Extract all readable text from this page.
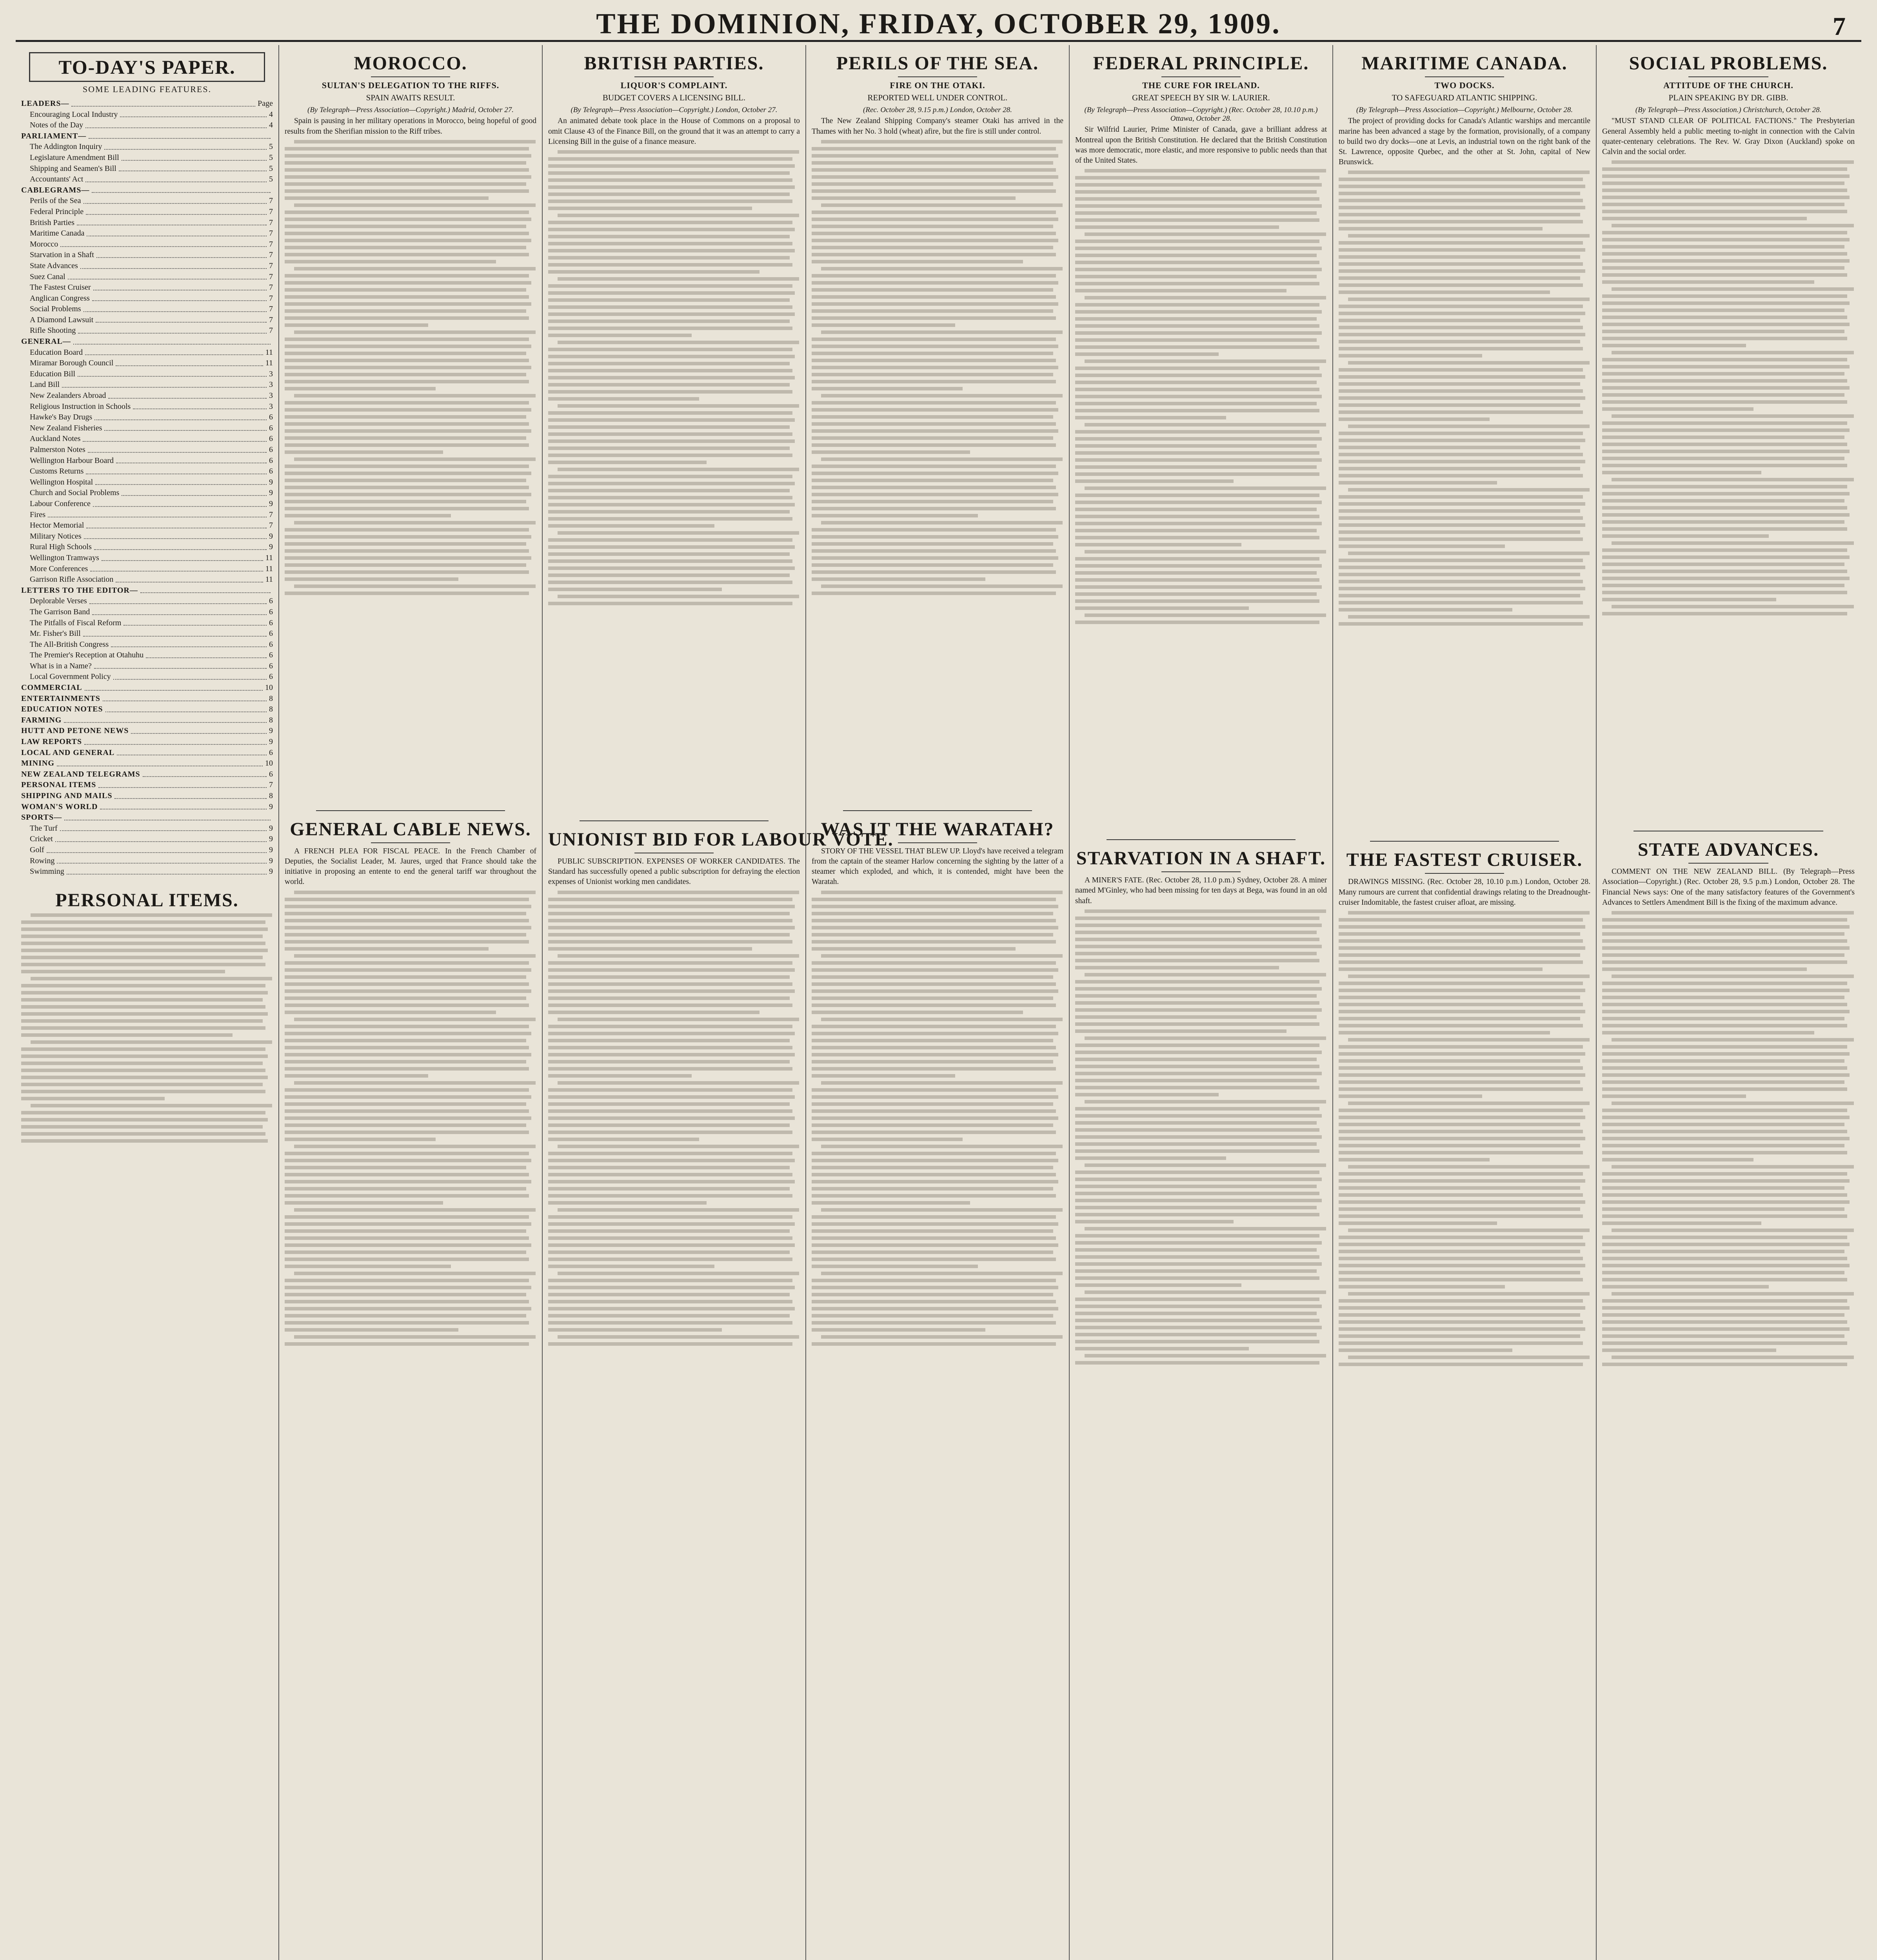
THE DOMINION, FRIDAY, OCTOBER 29, 1909.	7
TO-DAY'S PAPER.
SOME LEADING FEATURES.
LEADERS—	Page
Encouraging Local Industry	4
Notes of the Day	4
PARLIAMENT—
The Addington Inquiry	5
Legislature Amendment Bill	5
Shipping and Seamen's Bill	5
Accountants' Act	5
CABLEGRAMS—
Perils of the Sea	7
Federal Principle	7
British Parties	7
Maritime Canada	7
Morocco	7
Starvation in a Shaft	7
State Advances	7
Suez Canal	7
The Fastest Cruiser	7
Anglican Congress	7
Social Problems	7
A Diamond Lawsuit	7
Rifle Shooting	7
GENERAL—
Education Board	11
Miramar Borough Council	11
Education Bill	3
Land Bill	3
New Zealanders Abroad	3
Religious Instruction in Schools	3
Hawke's Bay Drugs	6
New Zealand Fisheries	6
Auckland Notes	6
Palmerston Notes	6
Wellington Harbour Board	6
Customs Returns	6
Wellington Hospital	9
Church and Social Problems	9
Labour Conference	9
Fires	7
Hector Memorial	7
Military Notices	9
Rural High Schools	9
Wellington Tramways	11
More Conferences	11
Garrison Rifle Association	11
LETTERS TO THE EDITOR—
Deplorable Verses	6
The Garrison Band	6
The Pitfalls of Fiscal Reform	6
Mr. Fisher's Bill	6
The All-British Congress	6
The Premier's Reception at Otahuhu	6
What is in a Name?	6
Local Government Policy	6
COMMERCIAL	10
ENTERTAINMENTS	8
EDUCATION NOTES	8
FARMING	8
HUTT AND PETONE NEWS	9
LAW REPORTS	9
LOCAL AND GENERAL	6
MINING	10
NEW ZEALAND TELEGRAMS	6
PERSONAL ITEMS	7
SHIPPING AND MAILS	8
WOMAN'S WORLD	9
SPORTS—
The Turf	9
Cricket	9
Golf	9
Rowing	9
Swimming	9
PERSONAL ITEMS.
MOROCCO.
SULTAN'S DELEGATION TO THE RIFFS.
SPAIN AWAITS RESULT.
(By Telegraph—Press Association—Copyright.) Madrid, October 27.
Spain is pausing in her military operations in Morocco, being hopeful of good results from the Sherifian mission to the Riff tribes.
GENERAL CABLE NEWS.
A FRENCH PLEA FOR FISCAL PEACE. In the French Chamber of Deputies, the Socialist Leader, M. Jaures, urged that France should take the initiative in proposing an entente to end the general tariff war throughout the world.
BRITISH PARTIES.
LIQUOR'S COMPLAINT.
BUDGET COVERS A LICENSING BILL.
(By Telegraph—Press Association—Copyright.) London, October 27.
An animated debate took place in the House of Commons on a proposal to omit Clause 43 of the Finance Bill, on the ground that it was an attempt to carry a Licensing Bill in the guise of a finance measure.
UNIONIST BID FOR LABOUR VOTE.
PUBLIC SUBSCRIPTION. EXPENSES OF WORKER CANDIDATES. The Standard has successfully opened a public subscription for defraying the election expenses of Unionist working men candidates.
PERILS OF THE SEA.
FIRE ON THE OTAKI.
REPORTED WELL UNDER CONTROL.
(Rec. October 28, 9.15 p.m.) London, October 28.
The New Zealand Shipping Company's steamer Otaki has arrived in the Thames with her No. 3 hold (wheat) afire, but the fire is still under control.
WAS IT THE WARATAH?
STORY OF THE VESSEL THAT BLEW UP. Lloyd's have received a telegram from the captain of the steamer Harlow concerning the sighting by the latter of a steamer which exploded, and which, it is contended, might have been the Waratah.
FEDERAL PRINCIPLE.
THE CURE FOR IRELAND.
GREAT SPEECH BY SIR W. LAURIER.
(By Telegraph—Press Association—Copyright.) (Rec. October 28, 10.10 p.m.) Ottawa, October 28.
Sir Wilfrid Laurier, Prime Minister of Canada, gave a brilliant address at Montreal upon the British Constitution. He declared that the British Constitution was more democratic, more elastic, and more responsive to public needs than that of the United States.
STARVATION IN A SHAFT.
A MINER'S FATE. (Rec. October 28, 11.0 p.m.) Sydney, October 28. A miner named M'Ginley, who had been missing for ten days at Bega, was found in an old shaft.
MARITIME CANADA.
TWO DOCKS.
TO SAFEGUARD ATLANTIC SHIPPING.
(By Telegraph—Press Association—Copyright.) Melbourne, October 28.
The project of providing docks for Canada's Atlantic warships and mercantile marine has been advanced a stage by the formation, provisionally, of a company to build two dry docks—one at Levis, an industrial town on the right bank of the St. Lawrence, opposite Quebec, and the other at St. John, capital of New Brunswick.
THE FASTEST CRUISER.
DRAWINGS MISSING. (Rec. October 28, 10.10 p.m.) London, October 28. Many rumours are current that confidential drawings relating to the Dreadnought-cruiser Indomitable, the fastest cruiser afloat, are missing.
SOCIAL PROBLEMS.
ATTITUDE OF THE CHURCH.
PLAIN SPEAKING BY DR. GIBB.
(By Telegraph—Press Association.) Christchurch, October 28.
"MUST STAND CLEAR OF POLITICAL FACTIONS." The Presbyterian General Assembly held a public meeting to-night in connection with the Calvin quater-centenary celebrations. The Rev. W. Gray Dixon (Auckland) spoke on Calvin and the social order.
STATE ADVANCES.
COMMENT ON THE NEW ZEALAND BILL. (By Telegraph—Press Association—Copyright.) (Rec. October 28, 9.5 p.m.) London, October 28. The Financial News says: One of the many satisfactory features of the Government's Advances to Settlers Amendment Bill is the fixing of the maximum advance.
